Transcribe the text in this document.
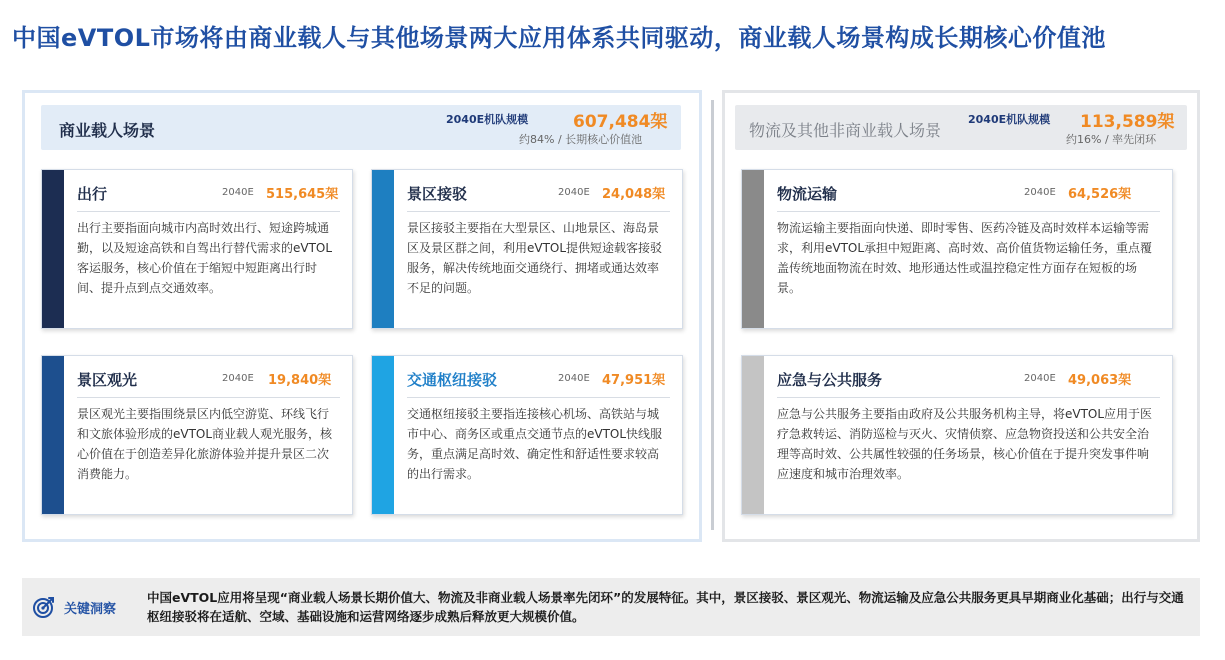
中国eVTOL市场将由商业载人与其他场景两大应用体系共同驱动，商业载人场景构成长期核心价值池
商业载人场景
2040E机队规模	607,484架
约84% / 长期核心价值池
出行	2040E 515,645架
出行主要指面向城市内高时效出行、短途跨城通勤，以及短途高铁和自驾出行替代需求的eVTOL客运服务，核心价值在于缩短中短距离出行时间、提升点到点交通效率。
景区接驳	2040E 24,048架
景区接驳主要指在大型景区、山地景区、海岛景区及景区群之间，利用eVTOL提供短途载客接驳服务，解决传统地面交通绕行、拥堵或通达效率不足的问题。
景区观光	2040E 19,840架
景区观光主要指围绕景区内低空游览、环线飞行和文旅体验形成的eVTOL商业载人观光服务，核心价值在于创造差异化旅游体验并提升景区二次消费能力。
交通枢纽接驳	2040E 47,951架
交通枢纽接驳主要指连接核心机场、高铁站与城市中心、商务区或重点交通节点的eVTOL快线服务，重点满足高时效、确定性和舒适性要求较高的出行需求。
物流及其他非商业载人场景
2040E机队规模 113,589架
约16% / 率先闭环
物流运输	2040E 64,526架
物流运输主要指面向快递、即时零售、医药冷链及高时效样本运输等需求，利用eVTOL承担中短距离、高时效、高价值货物运输任务，重点覆盖传统地面物流在时效、地形通达性或温控稳定性方面存在短板的场景。
应急与公共服务	2040E 49,063架
应急与公共服务主要指由政府及公共服务机构主导，将eVTOL应用于医疗急救转运、消防巡检与灭火、灾情侦察、应急物资投送和公共安全治理等高时效、公共属性较强的任务场景，核心价值在于提升突发事件响应速度和城市治理效率。
关键洞察
中国eVTOL应用将呈现“商业载人场景长期价值大、物流及非商业载人场景率先闭环”的发展特征。其中，景区接驳、景区观光、物流运输及应急公共服务更具早期商业化基础；出行与交通枢纽接驳将在适航、空域、基础设施和运营网络逐步成熟后释放更大规模价值。
